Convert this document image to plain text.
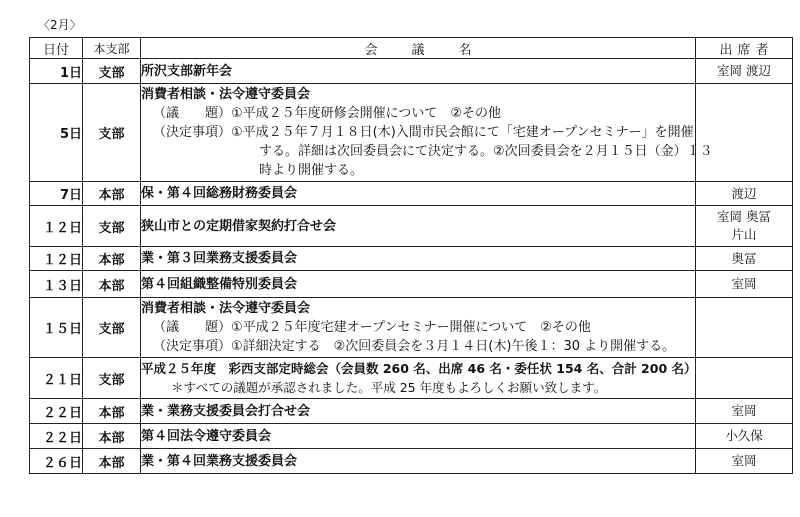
〈2月〉
日付	本支部	会議名	出席者
1日	支部	所沢支部新年会	室岡 渡辺

5日	支部	消費者相談・法令遵守委員会
（議　　題）①平成２５年度研修会開催について　②その他
（決定事項）①平成２５年７月１８日(木)入間市民会館にて「宅建オープンセミナー」を開催
する。詳細は次回委員会にて決定する。②次回委員会を２月１５日（金）１３
時より開催する。	

7日	本部	保・第４回総務財務委員会	渡辺

１２日	支部	狭山市との定期借家契約打合せ会	室岡 奥冨
片山

１２日	本部	業・第３回業務支援委員会	奥冨

１３日	本部	第４回組織整備特別委員会	室岡

１５日	支部	消費者相談・法令遵守委員会
（議　　題）①平成２５年度宅建オープンセミナー開催について　②その他
（決定事項）①詳細決定する　②次回委員会を３月１４日(木)午後１：30 より開催する。	

２１日	支部	平成２５年度　彩西支部定時総会（会員数 260 名、出席 46 名・委任状 154 名、合計 200 名）
＊すべての議題が承認されました。平成 25 年度もよろしくお願い致します。	

２２日	本部	業・業務支援委員会打合せ会	室岡

２２日	本部	第４回法令遵守委員会	小久保

２６日	本部	業・第４回業務支援委員会	室岡
